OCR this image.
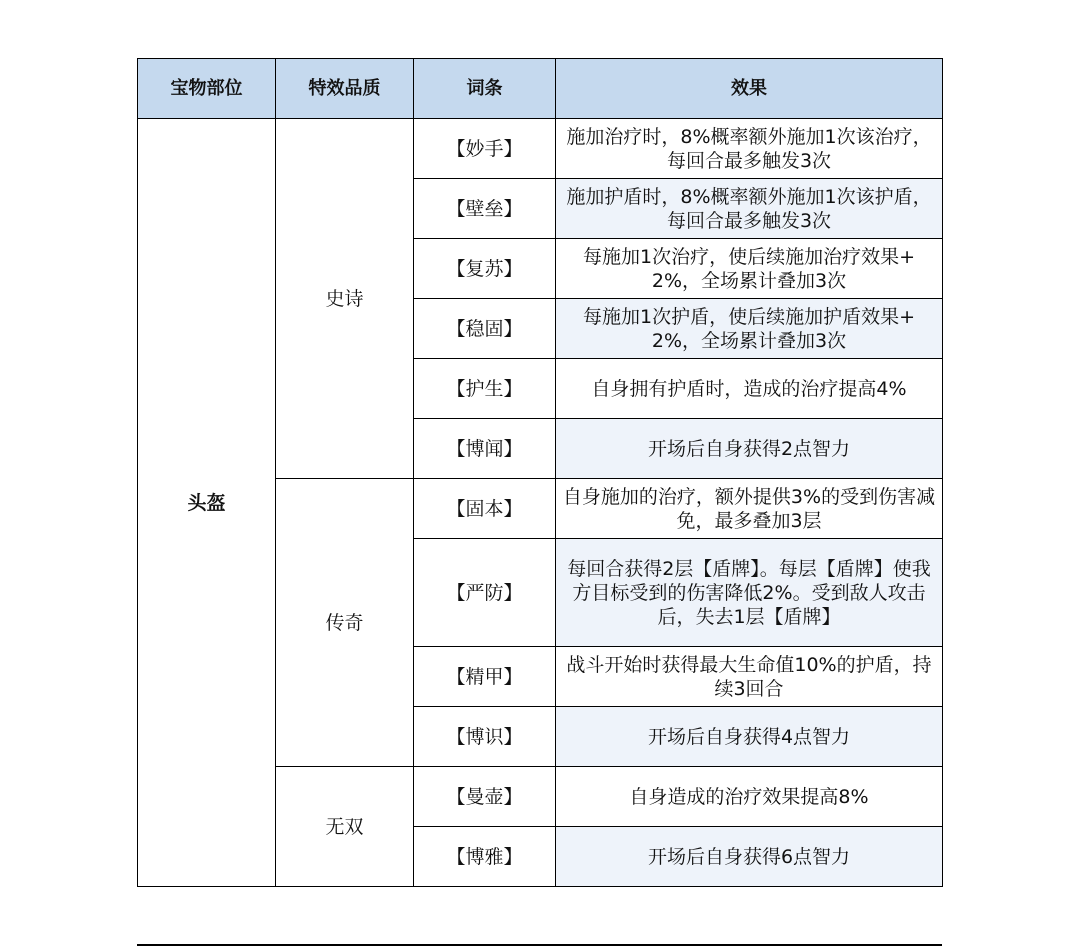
宝物部位	特效品质	词条	效果
头盔	史诗	【妙手】	施加治疗时，8%概率额外施加1次该治疗，每回合最多触发3次
		【壁垒】	施加护盾时，8%概率额外施加1次该护盾，每回合最多触发3次
		【复苏】	每施加1次治疗，使后续施加治疗效果+2%，全场累计叠加3次
		【稳固】	每施加1次护盾，使后续施加护盾效果+2%，全场累计叠加3次
		【护生】	自身拥有护盾时，造成的治疗提高4%
		【博闻】	开场后自身获得2点智力
	传奇	【固本】	自身施加的治疗，额外提供3%的受到伤害减免，最多叠加3层
		【严防】	每回合获得2层【盾牌】。每层【盾牌】使我方目标受到的伤害降低2%。受到敌人攻击后，失去1层【盾牌】
		【精甲】	战斗开始时获得最大生命值10%的护盾，持续3回合
		【博识】	开场后自身获得4点智力
	无双	【曼壶】	自身造成的治疗效果提高8%
		【博雅】	开场后自身获得6点智力
